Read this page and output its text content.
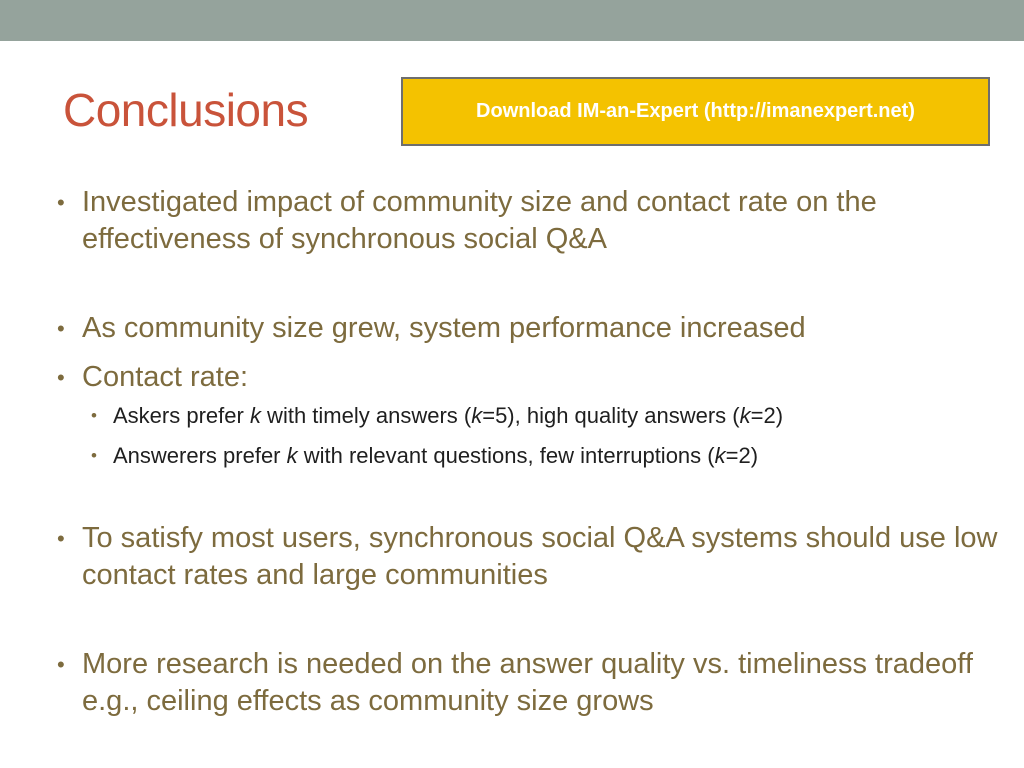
Conclusions	Download IM-an-Expert (http://imanexpert.net)
• Investigated impact of community size and contact rate on the effectiveness of synchronous social Q&A
• As community size grew, system performance increased
• Contact rate:
• Askers prefer k with timely answers (k=5), high quality answers (k=2)
• Answerers prefer k with relevant questions, few interruptions (k=2)
• To satisfy most users, synchronous social Q&A systems should use low contact rates and large communities
• More research is needed on the answer quality vs. timeliness tradeoff e.g., ceiling effects as community size grows
